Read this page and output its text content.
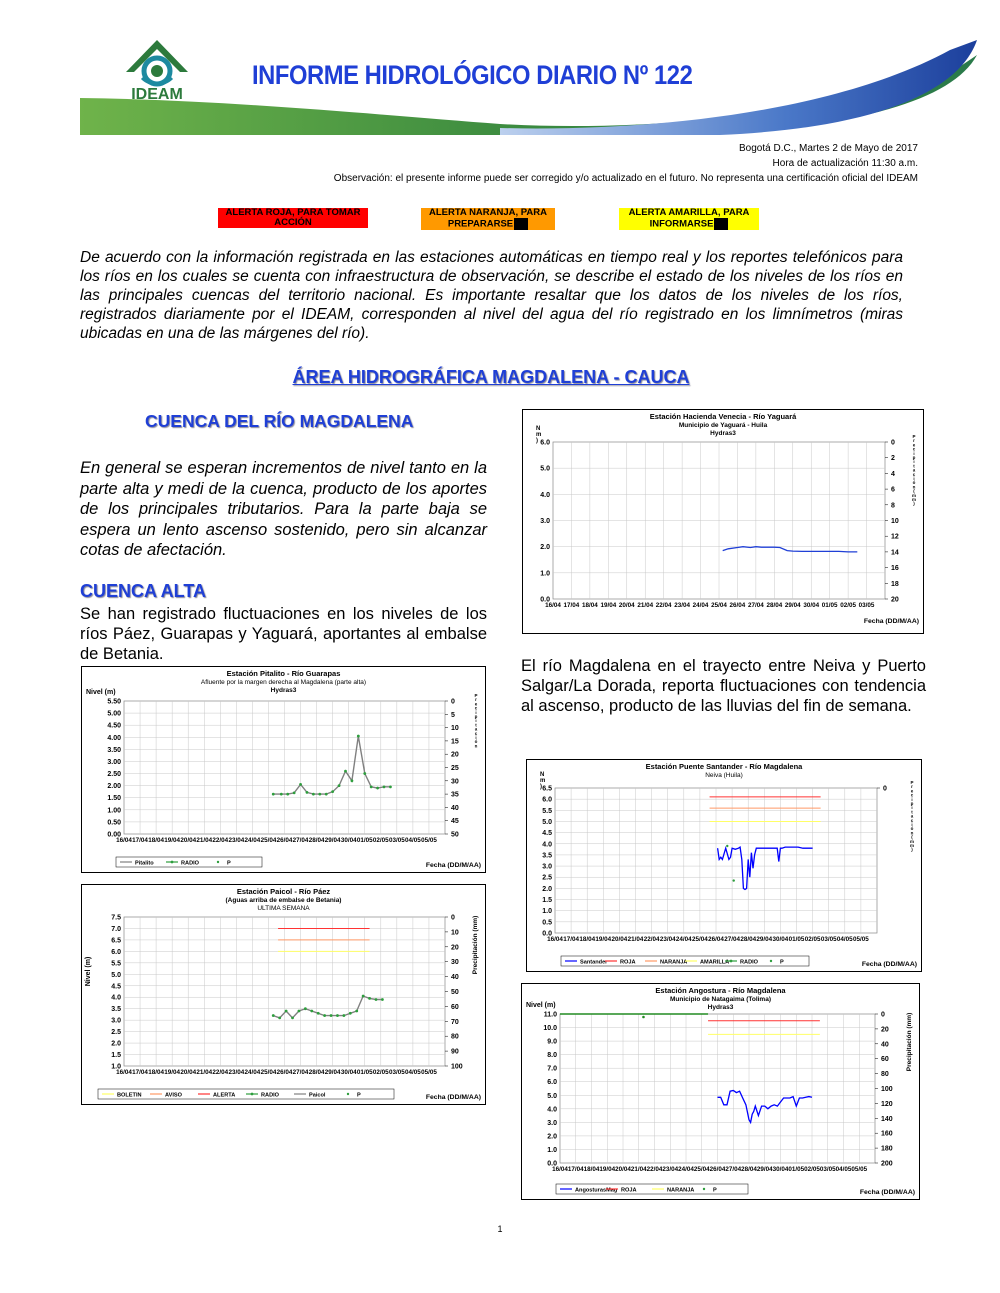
IDEAM
INFORME HIDROLÓGICO DIARIO Nº 122
Bogotá D.C., Martes 2 de Mayo de 2017
Hora de actualización 11:30 a.m.
Observación: el presente informe puede ser corregido y/o actualizado en el futuro. No representa una certificación oficial del IDEAM
ALERTA ROJA, PARA TOMAR
ACCIÓN
ALERTA NARANJA, PARA
PREPARARSE
ALERTA AMARILLA, PARA
INFORMARSE
De acuerdo con la información registrada en las estaciones automáticas en tiempo real y los reportes telefónicos para los ríos en los cuales se cuenta con infraestructura de observación, se describe el estado de los niveles de los ríos en las principales cuencas del territorio nacional. Es importante resaltar que los datos de los niveles de los ríos, registrados diariamente por el IDEAM, corresponden al nivel del agua del río registrado en los limnímetros (miras ubicadas en una de las márgenes del río).
ÁREA HIDROGRÁFICA MAGDALENA - CAUCA
CUENCA DEL RÍO MAGDALENA
En general se esperan incrementos de nivel tanto en la parte alta y medi de la cuenca, producto de los aportes de los principales tributarios. Para la parte baja se espera un lento ascenso sostenido, pero sin alcanzar cotas de afectación.
CUENCA ALTA
Se han registrado fluctuaciones en los niveles de los ríos Páez, Guarapas y Yaguará, aportantes al embalse de Betania.
El río Magdalena en el trayecto entre Neiva y Puerto Salgar/La Dorada, reporta fluctuaciones con tendencia al ascenso, producto de las lluvias del fin de semana.
Estación Hacienda Venecia - Río Yaguará
Municipio de Yaguará - Huila
Hydras3
0.0
1.0
2.0
3.0
4.0
5.0
6.0
20
18
16
14
12
10
8
6
4
2
0
16/04 17/04 18/04 19/04 20/04 21/04 22/04 23/04 24/04 25/04 26/04 27/04 28/04 29/04 30/04 01/05 02/05 03/05
N
m
)
P
r
e
c
i
p
i
t
a
c
i
ó
n
(
m
m
)
Fecha (DD/M/AA)
Estación Pitalito - Río Guarapas
Afluente por la margen derecha al Magdalena (parte alta)
Hydras3
0.00
0.50
1.00
1.50
2.00
2.50
3.00
3.50
4.00
4.50
5.00
5.50
50
45
40
35
30
25
20
15
10
5
0
16/04 17/04 18/04 19/04 20/04 21/04 22/04 23/04 24/04 25/04 26/04 27/04 28/04 29/04 30/04 01/05 02/05 03/05 04/05 05/05
Nivel (m)	P
r
e
c
i
p
i
t
a
c
i
ó
n
Fecha (DD/M/AA)
Pitalito	RADIO	P
Estación Paicol - Río Páez
(Aguas arriba de embalse de Betania)
ULTIMA SEMANA
1.0
1.5
2.0
2.5
3.0
3.5
4.0
4.5
5.0
5.5
6.0
6.5
7.0
7.5
100
90
80
70
60
50
40
30
20
10
0
16/04 17/04 18/04 19/04 20/04 21/04 22/04 23/04 24/04 25/04 26/04 27/04 28/04 29/04 30/04 01/05 02/05 03/05 04/05 05/05
Nivel (m)	Precipitación (mm)
Fecha (DD/M/AA)
BOLETIN	AVISO	ALERTA	RADIO	Paicol	P
Estación Puente Santander - Río Magdalena
Neiva (Huila)
0.0
0.5
1.0
1.5
2.0
2.5
3.0
3.5
4.0
4.5
5.0
5.5
6.0
6.5	0
16/04 17/04 18/04 19/04 20/04 21/04 22/04 23/04 24/04 25/04 26/04 27/04 28/04 29/04 30/04 01/05 02/05 03/05 04/05 05/05
N
m
)
P
r
e
c
i
p
i
t
a
c
i
ó
n
(
m
m
)
Fecha (DD/M/AA)
Santander ROJA	NARANJA AMARILLA RADIO	P
Estación Angostura - Río Magdalena
Municipio de Natagaima (Tolima)
Hydras3
0.0
1.0
2.0
3.0
4.0
5.0
6.0
7.0
8.0
9.0
10.0
11.0
200
180
160
140
120
100
80
60
40
20
0
16/04 17/04 18/04 19/04 20/04 21/04 22/04 23/04 24/04 25/04 26/04 27/04 28/04 29/04 30/04 01/05 02/05 03/05 04/05 05/05
Nivel (m)
Precipitación (mm)
Fecha (DD/M/AA)
AngosturasMag ROJA	NARANJA	P
1
